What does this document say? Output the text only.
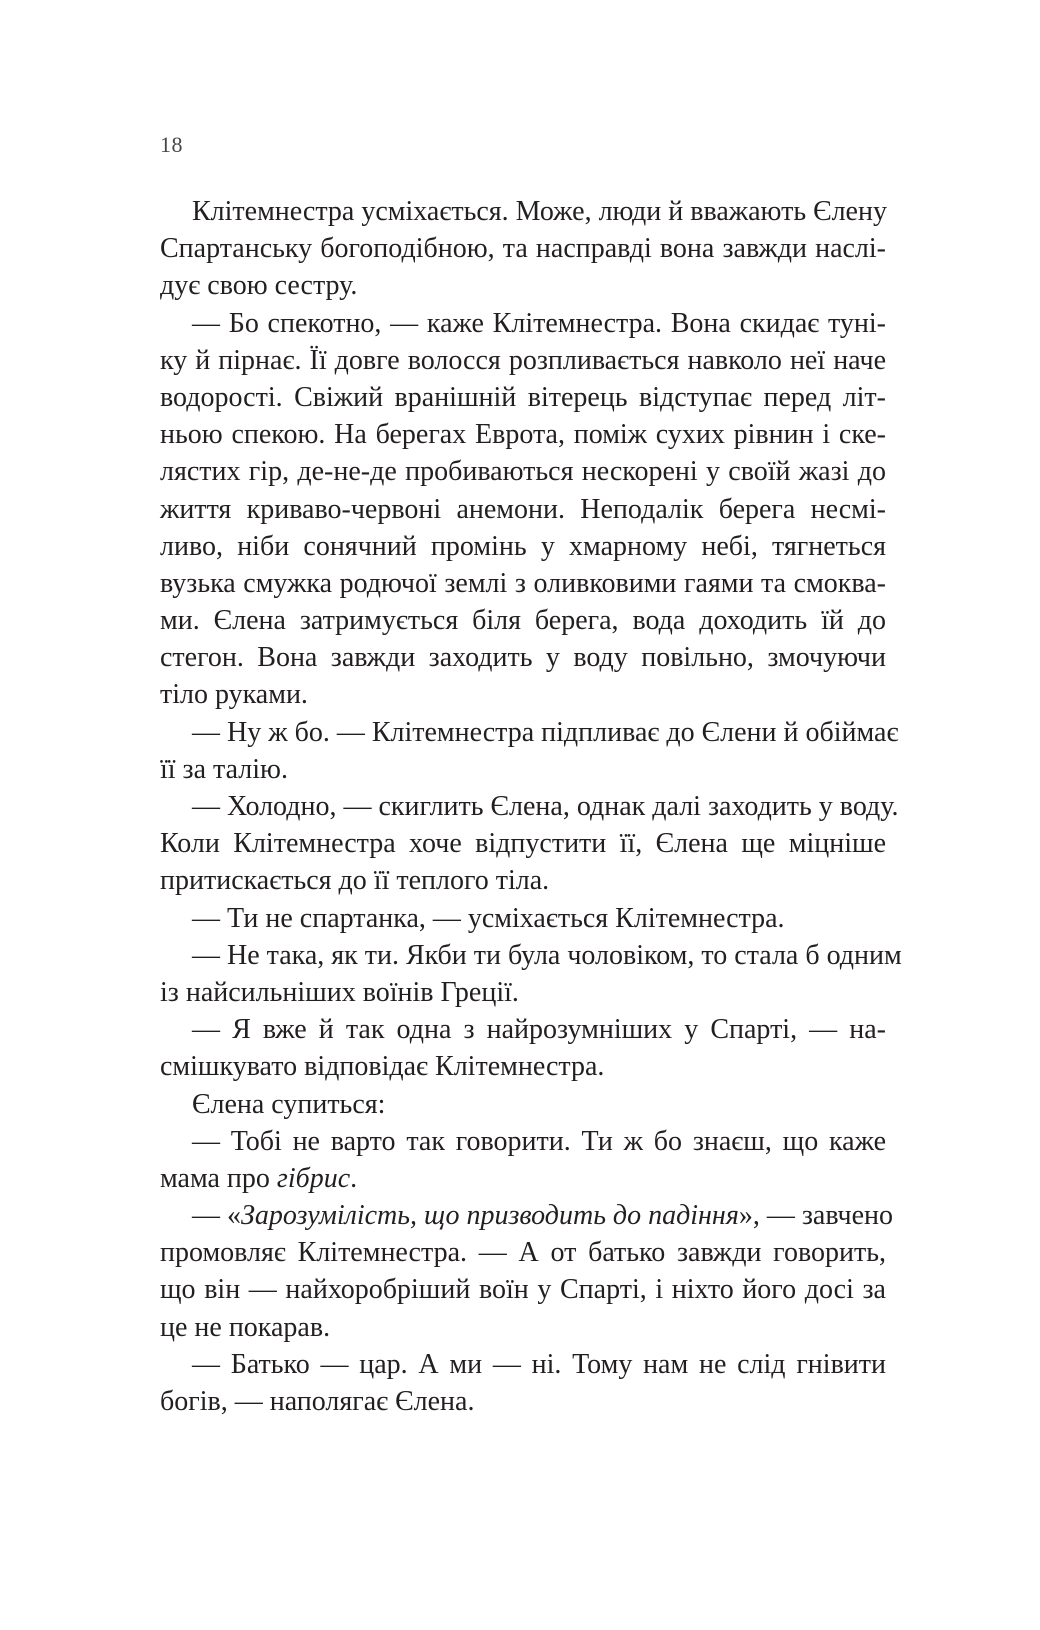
18
Клітемнестра усміхається. Може, люди й вважають Єлену
Спартанську богоподібною, та насправді вона завжди наслі-
дує свою сестру.
— Бо спекотно, — каже Клітемнестра. Вона скидає туні-
ку й пірнає. Її довге волосся розпливається навколо неї наче
водорості. Свіжий вранішній вітерець відступає перед літ-
ньою спекою. На берегах Еврота, поміж сухих рівнин і ске-
лястих гір, де-не-де пробиваються нескорені у своїй жазі до
життя криваво-червоні анемони. Неподалік берега несмі-
ливо, ніби сонячний промінь у хмарному небі, тягнеться
вузька смужка родючої землі з оливковими гаями та смоква-
ми. Єлена затримується біля берега, вода доходить їй до
стегон. Вона завжди заходить у воду повільно, змочуючи
тіло руками.
— Ну ж бо. — Клітемнестра підпливає до Єлени й обіймає
її за талію.
— Холодно, — скиглить Єлена, однак далі заходить у воду.
Коли Клітемнестра хоче відпустити її, Єлена ще міцніше
притискається до її теплого тіла.
— Ти не спартанка, — усміхається Клітемнестра.
— Не така, як ти. Якби ти була чоловіком, то стала б одним
із найсильніших воїнів Греції.
— Я вже й так одна з найрозумніших у Спарті, — на-
смішкувато відповідає Клітемнестра.
Єлена супиться:
— Тобі не варто так говорити. Ти ж бо знаєш, що каже
мама про гібрис.
— «Зарозумілість, що призводить до падіння», — завчено
промовляє Клітемнестра. — А от батько завжди говорить,
що він — найхоробріший воїн у Спарті, і ніхто його досі за
це не покарав.
— Батько — цар. А ми — ні. Тому нам не слід гнівити
богів, — наполягає Єлена.
